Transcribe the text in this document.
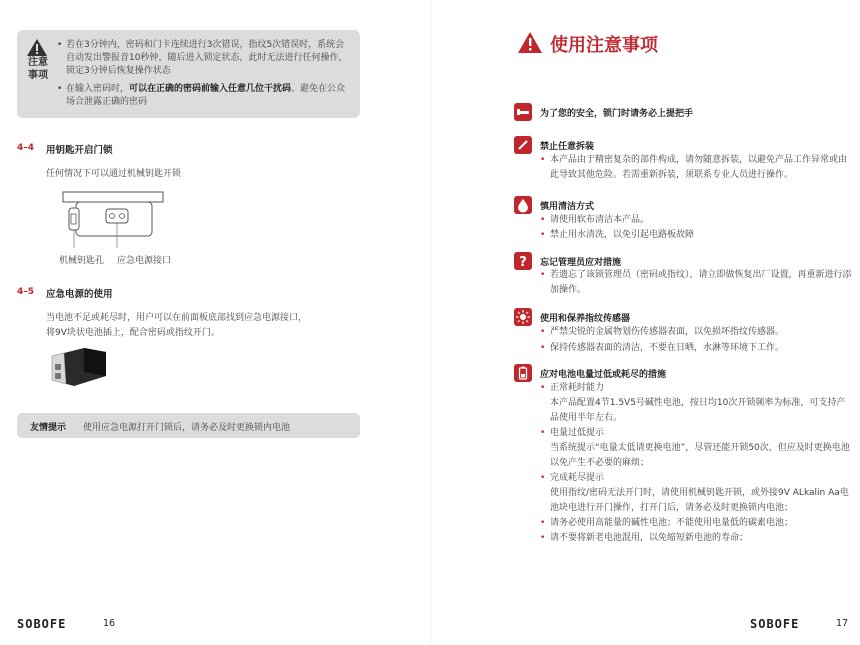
注意
事项
• 若在3分钟内，密码和门卡连续进行3次错误，指纹5次错误时，系统会自动发出警报音10秒钟，随后进入锁定状态，此时无法进行任何操作，锁定3分钟后恢复操作状态
• 在输入密码时，可以在正确的密码前输入任意几位干扰码、避免在公众场合泄露正确的密码
4–4 用钥匙开启门锁
任何情况下可以通过机械钥匙开锁
机械钥匙孔 应急电源接口
4–5 应急电源的使用
当电池不足或耗尽时，用户可以在前面板底部找到应急电源接口，
将9V块状电池插上，配合密码或指纹开门。
友情提示 使用应急电源打开门锁后，请务必及时更换锁内电池
SOBOFE	16
使用注意事项
为了您的安全，锁门时请务必上提把手
禁止任意拆装
• 本产品由于精密复杂的部件构成，请勿随意拆装，以避免产品工作异常或由此导致其他危险。若需重新拆装，须联系专业人员进行操作。
慎用清洁方式
• 请使用软布清洁本产品。
• 禁止用水清洗，以免引起电路板故障
? 忘记管理员应对措施
• 若遗忘了该锁管理员（密码或指纹），请立即做恢复出厂设置，再重新进行添加操作。
使用和保养指纹传感器
• 严禁尖锐的金属物划伤传感器表面，以免损坏指纹传感器。
• 保持传感器表面的清洁，不要在日晒，水淋等环境下工作。
应对电池电量过低或耗尽的措施
• 正常耗时能力
本产品配置4节1.5V5号碱性电池，按日均10次开锁频率为标准，可支持产品使用半年左右。
• 电量过低提示
当系统提示“电量太低请更换电池”，尽管还能开锁50次，但应及时更换电池以免产生不必要的麻烦；
• 完成耗尽提示
使用指纹/密码无法开门时，请使用机械钥匙开锁，或外接9V ALkalin Aa电池块电进行开门操作，打开门后，请务必及时更换锁内电池；
• 请务必使用高能量的碱性电池；不能使用电量低的碳素电池；
• 请不要将新老电池混用，以免缩短新电池的寿命；
SOBOFE	17
